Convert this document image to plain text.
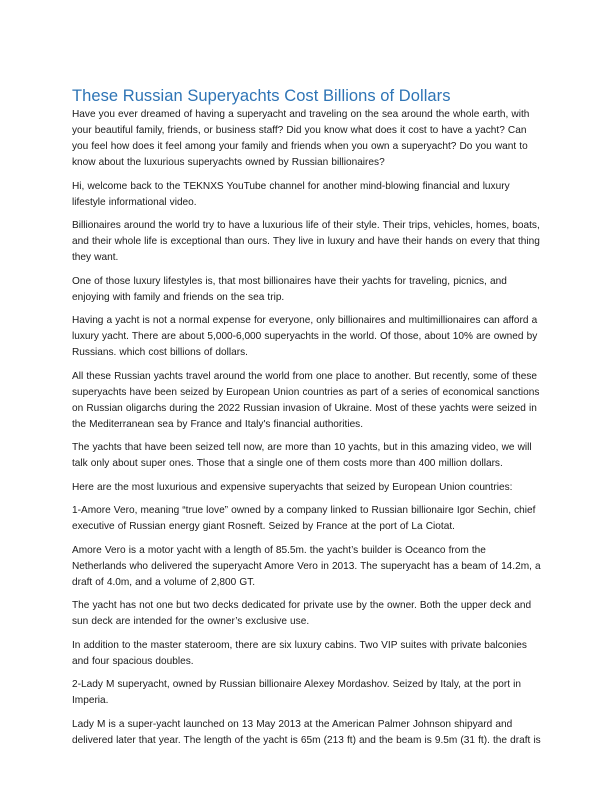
These Russian Superyachts Cost Billions of Dollars

Have you ever dreamed of having a superyacht and traveling on the sea around the whole earth, with your beautiful family, friends, or business staff? Did you know what does it cost to have a yacht? Can you feel how does it feel among your family and friends when you own a superyacht? Do you want to know about the luxurious superyachts owned by Russian billionaires?

Hi, welcome back to the TEKNXS YouTube channel for another mind-blowing financial and luxury lifestyle informational video.

Billionaires around the world try to have a luxurious life of their style. Their trips, vehicles, homes, boats, and their whole life is exceptional than ours. They live in luxury and have their hands on every that thing they want.

One of those luxury lifestyles is, that most billionaires have their yachts for traveling, picnics, and enjoying with family and friends on the sea trip.

Having a yacht is not a normal expense for everyone, only billionaires and multimillionaires can afford a luxury yacht. There are about 5,000-6,000 superyachts in the world. Of those, about 10% are owned by Russians. which cost billions of dollars.

All these Russian yachts travel around the world from one place to another. But recently, some of these superyachts have been seized by European Union countries as part of a series of economical sanctions on Russian oligarchs during the 2022 Russian invasion of Ukraine. Most of these yachts were seized in the Mediterranean sea by France and Italy's financial authorities.

The yachts that have been seized tell now, are more than 10 yachts, but in this amazing video, we will talk only about super ones. Those that a single one of them costs more than 400 million dollars.

Here are the most luxurious and expensive superyachts that seized by European Union countries:

1-Amore Vero, meaning “true love” owned by a company linked to Russian billionaire Igor Sechin, chief executive of Russian energy giant Rosneft. Seized by France at the port of La Ciotat.

Amore Vero is a motor yacht with a length of 85.5m. the yacht’s builder is Oceanco from the Netherlands who delivered the superyacht Amore Vero in 2013. The superyacht has a beam of 14.2m, a draft of 4.0m, and a volume of 2,800 GT.

The yacht has not one but two decks dedicated for private use by the owner. Both the upper deck and sun deck are intended for the owner’s exclusive use.

In addition to the master stateroom, there are six luxury cabins. Two VIP suites with private balconies and four spacious doubles.

2-Lady M superyacht, owned by Russian billionaire Alexey Mordashov. Seized by Italy, at the port in Imperia.

Lady M is a super-yacht launched on 13 May 2013 at the American Palmer Johnson shipyard and delivered later that year. The length of the yacht is 65m (213 ft) and the beam is 9.5m (31 ft). the draft is
